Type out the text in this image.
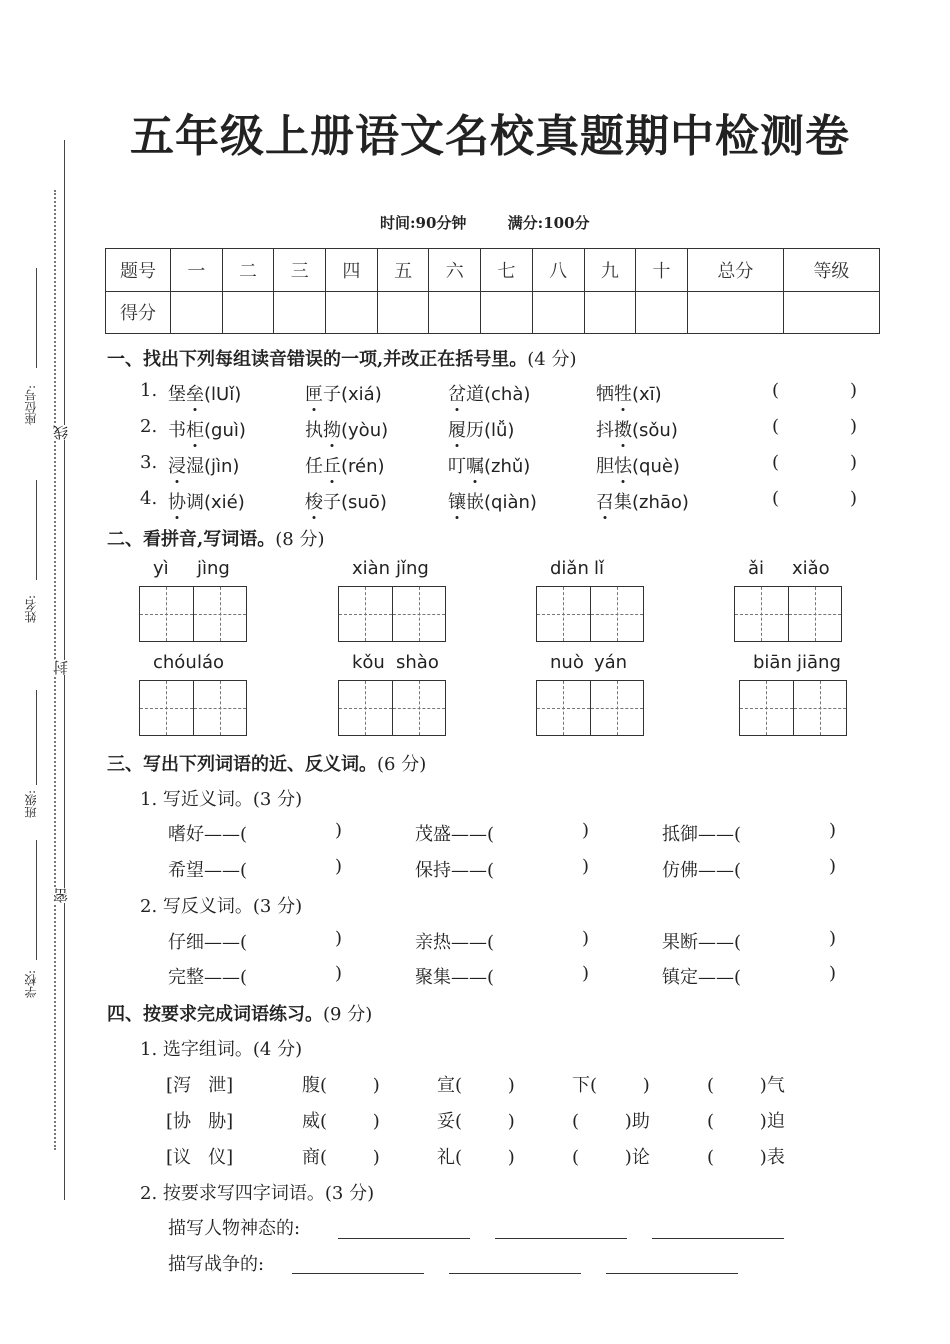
五年级上册语文名校真题期中检测卷
时间:90分钟	满分:100分
座位号:
线
姓名:
封
班级:
密
学校:
题号	一	二	三	四	五	六	七	八	九	十	总分	等级
得分												
一、找出下列每组读音错误的一项,并改正在括号里。(4 分)
1. 堡垒(lUǐ)	匣子(xiá)	岔道(chà)	牺牲(xī)	(	)
2. 书柜(guì)	执拗(yòu)	履历(lǚ)	抖擞(sǒu)	(	)
3. 浸湿(jìn)	任丘(rén)	叮嘱(zhǔ)	胆怯(què)	(	)
4. 协调(xié)	梭子(suō)	镶嵌(qiàn)	召集(zhāo)	(	)
二、看拼音,写词语。(8 分)
yì jìng	xiàn jǐng	diǎn lǐ	ǎi xiǎo
chóu láo	kǒu shào	nuò yán	biān jiāng
三、写出下列词语的近、反义词。(6 分)
1. 写近义词。(3 分)
2. 写反义词。(3 分)
嗜好——(	)	茂盛——(	)	抵御——(	)
希望——(	)	保持——(	)	仿佛——(	)
仔细——(	)	亲热——(	)	果断——(	)
完整——(	)	聚集——(	)	镇定——(	)
四、按要求完成词语练习。(9 分)
1. 选字组词。(4 分)
[泻   泄]	腹(        )	宣(        )	下(        )	(        )气
[协   胁]	威(        )	妥(        )	(        )助	(        )迫
[议   仪]	商(        )	礼(        )	(        )论	(        )表
2. 按要求写四字词语。(3 分)
描写人物神态的:
描写战争的:
